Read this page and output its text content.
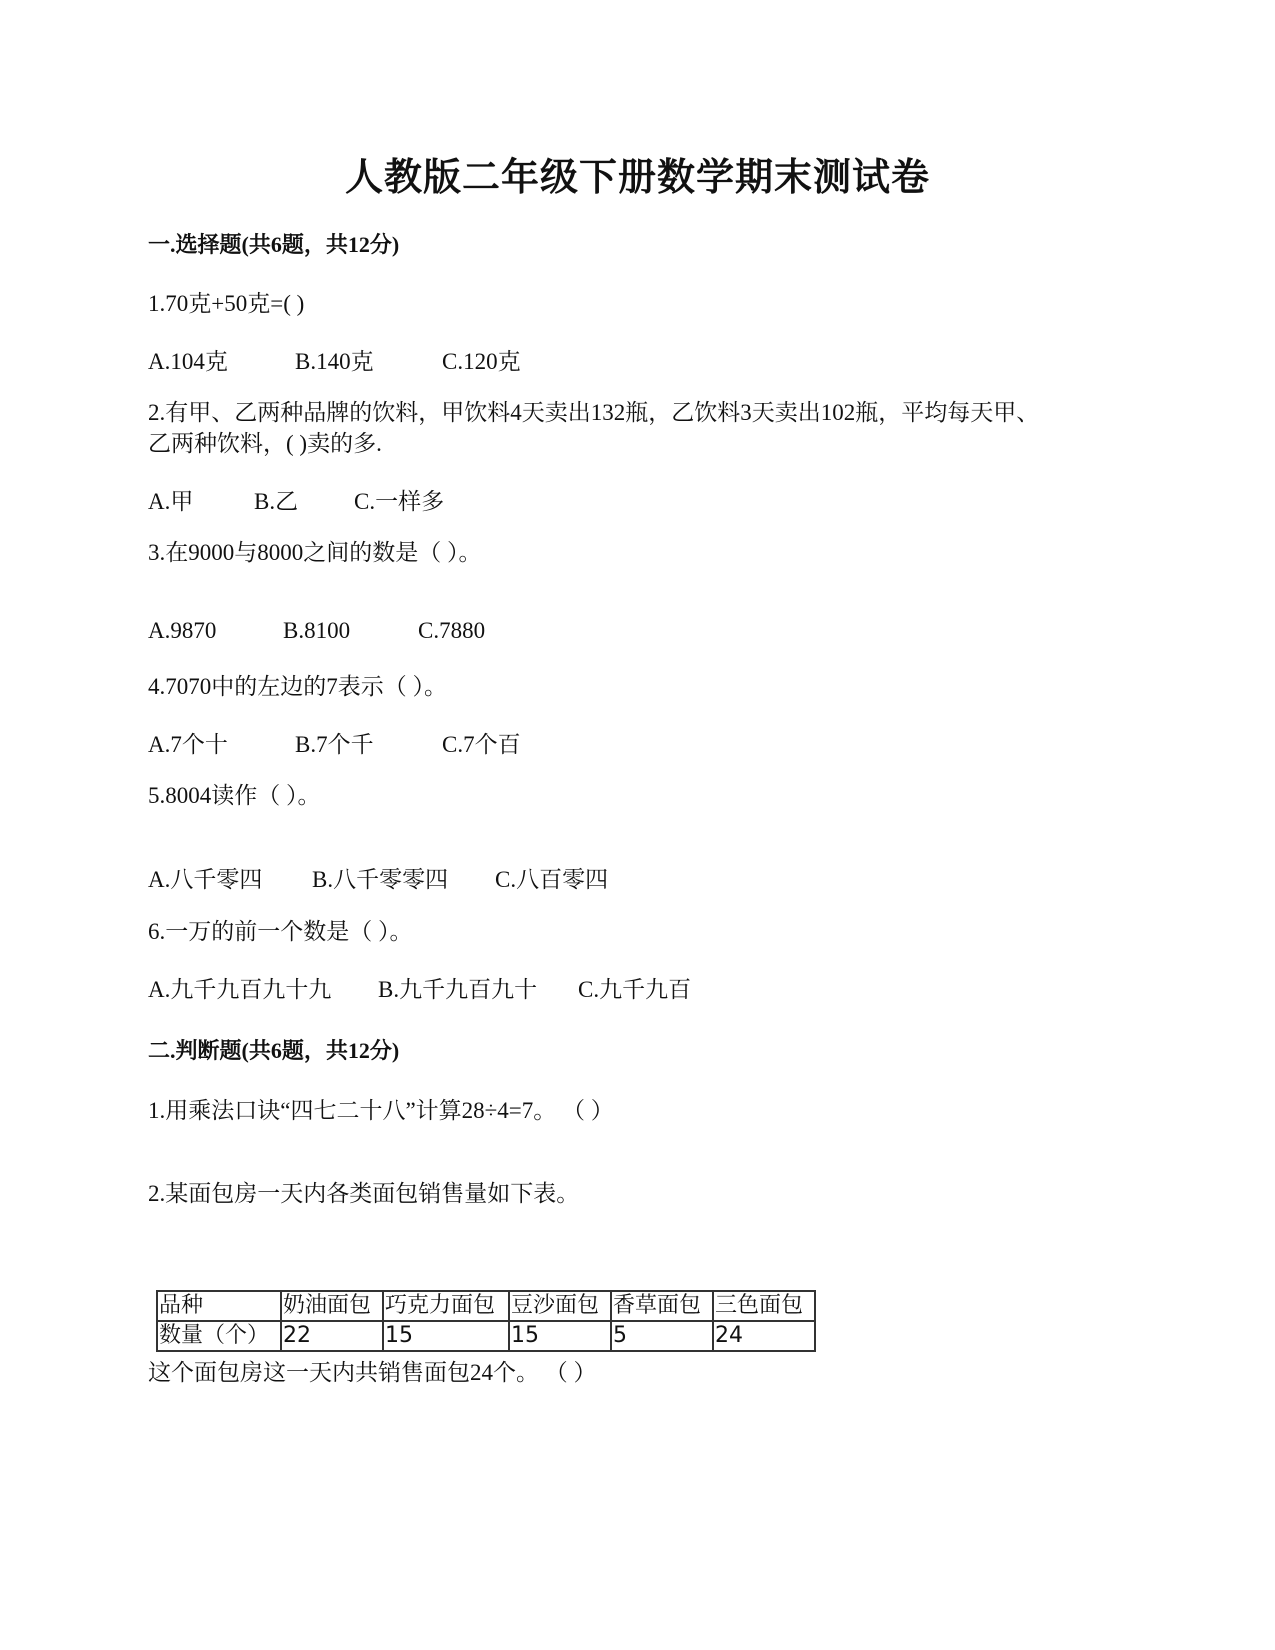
人教版二年级下册数学期末测试卷
一.选择题(共6题，共12分)
1.70克+50克=( )
A.104克	B.140克	C.120克
2.有甲、乙两种品牌的饮料，甲饮料4天卖出132瓶，乙饮料3天卖出102瓶，平均每天甲、
乙两种饮料，( )卖的多.
A.甲	B.乙	C.一样多
3.在9000与8000之间的数是（ ）。
A.9870	B.8100	C.7880
4.7070中的左边的7表示（ ）。
A.7个十	B.7个千	C.7个百
5.8004读作（ ）。
A.八千零四	B.八千零零四	C.八百零四
6.一万的前一个数是（ ）。
A.九千九百九十九	B.九千九百九十	C.九千九百
二.判断题(共6题，共12分)
1.用乘法口诀“四七二十八”计算28÷4=7。 （ ）
2.某面包房一天内各类面包销售量如下表。
品种	奶油面包	巧克力面包	豆沙面包	香草面包	三色面包
数量（个）	22	15	15	5	24
这个面包房这一天内共销售面包24个。 （ ）
